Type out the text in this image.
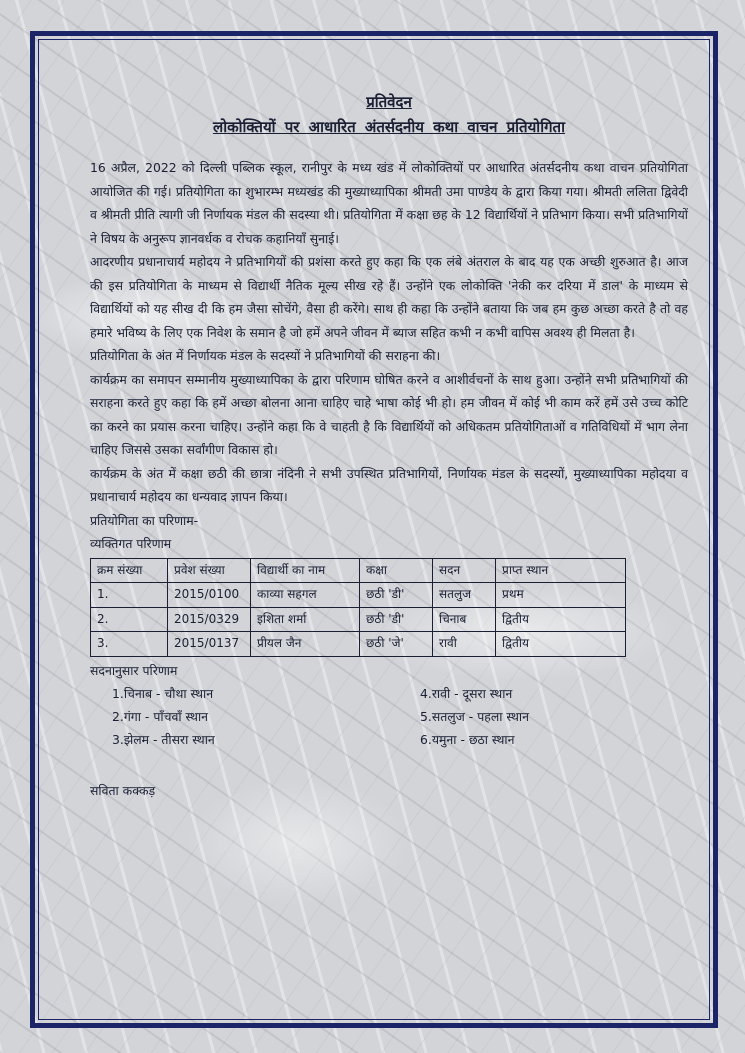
प्रतिवेदन
लोकोक्तियों पर आधारित अंतर्सदनीय कथा वाचन प्रतियोगिता

16 अप्रैल, 2022 को दिल्ली पब्लिक स्कूल, रानीपुर के मध्य खंड में लोकोक्तियों पर आधारित अंतर्सदनीय कथा वाचन प्रतियोगिता आयोजित की गई। प्रतियोगिता का शुभारम्भ मध्यखंड की मुख्याध्यापिका श्रीमती उमा पाण्डेय के द्वारा किया गया। श्रीमती ललिता द्विवेदी व श्रीमती प्रीति त्यागी जी निर्णायक मंडल की सदस्या थी। प्रतियोगिता में कक्षा छह के 12 विद्यार्थियों ने प्रतिभाग किया। सभी प्रतिभागियों ने विषय के अनुरूप ज्ञानवर्धक व रोचक कहानियाँ सुनाई।

आदरणीय प्रधानाचार्य महोदय ने प्रतिभागियों की प्रशंसा करते हुए कहा कि एक लंबे अंतराल के बाद यह एक अच्छी शुरुआत है। आज की इस प्रतियोगिता के माध्यम से विद्यार्थी नैतिक मूल्य सीख रहे हैं। उन्होंने एक लोकोक्ति 'नेकी कर दरिया में डाल' के माध्यम से विद्यार्थियों को यह सीख दी कि हम जैसा सोचेंगे, वैसा ही करेंगे। साथ ही कहा कि उन्होंने बताया कि जब हम कुछ अच्छा करते है तो वह हमारे भविष्य के लिए एक निवेश के समान है जो हमें अपने जीवन में ब्याज सहित कभी न कभी वापिस अवश्य ही मिलता है।

प्रतियोगिता के अंत में निर्णायक मंडल के सदस्यों ने प्रतिभागियों की सराहना की।

कार्यक्रम का समापन सम्मानीय मुख्याध्यापिका के द्वारा परिणाम घोषित करने व आशीर्वचनों के साथ हुआ। उन्होंने सभी प्रतिभागियों की सराहना करते हुए कहा कि हमें अच्छा बोलना आना चाहिए चाहे भाषा कोई भी हो। हम जीवन में कोई भी काम करें हमें उसे उच्च कोटि का करने का प्रयास करना चाहिए। उन्होंने कहा कि वे चाहती है कि विद्यार्थियों को अधिकतम प्रतियोगिताओं व गतिविधियों में भाग लेना चाहिए जिससे उसका सर्वांगीण विकास हो।

कार्यक्रम के अंत में कक्षा छठी की छात्रा नंदिनी ने सभी उपस्थित प्रतिभागियों, निर्णायक मंडल के सदस्यों, मुख्याध्यापिका महोदया व प्रधानाचार्य महोदय का धन्यवाद ज्ञापन किया।

प्रतियोगिता का परिणाम-
व्यक्तिगत परिणाम
क्रम संख्या	प्रवेश संख्या	विद्यार्थी का नाम	कक्षा	सदन	प्राप्त स्थान
1.	2015/0100	काव्या सहगल	छठी 'डी'	सतलुज	प्रथम
2.	2015/0329	इशिता शर्मा	छठी 'डी'	चिनाब	द्वितीय
3.	2015/0137	प्रीयल जैन	छठी 'जे'	रावी	द्वितीय
सदनानुसार परिणाम
1.चिनाब - चौथा स्थान	4.रावी - दूसरा स्थान
2.गंगा - पाँचवाँ स्थान	5.सतलुज - पहला स्थान
3.झेलम - तीसरा स्थान	6.यमुना - छठा स्थान
सविता कक्कड़
